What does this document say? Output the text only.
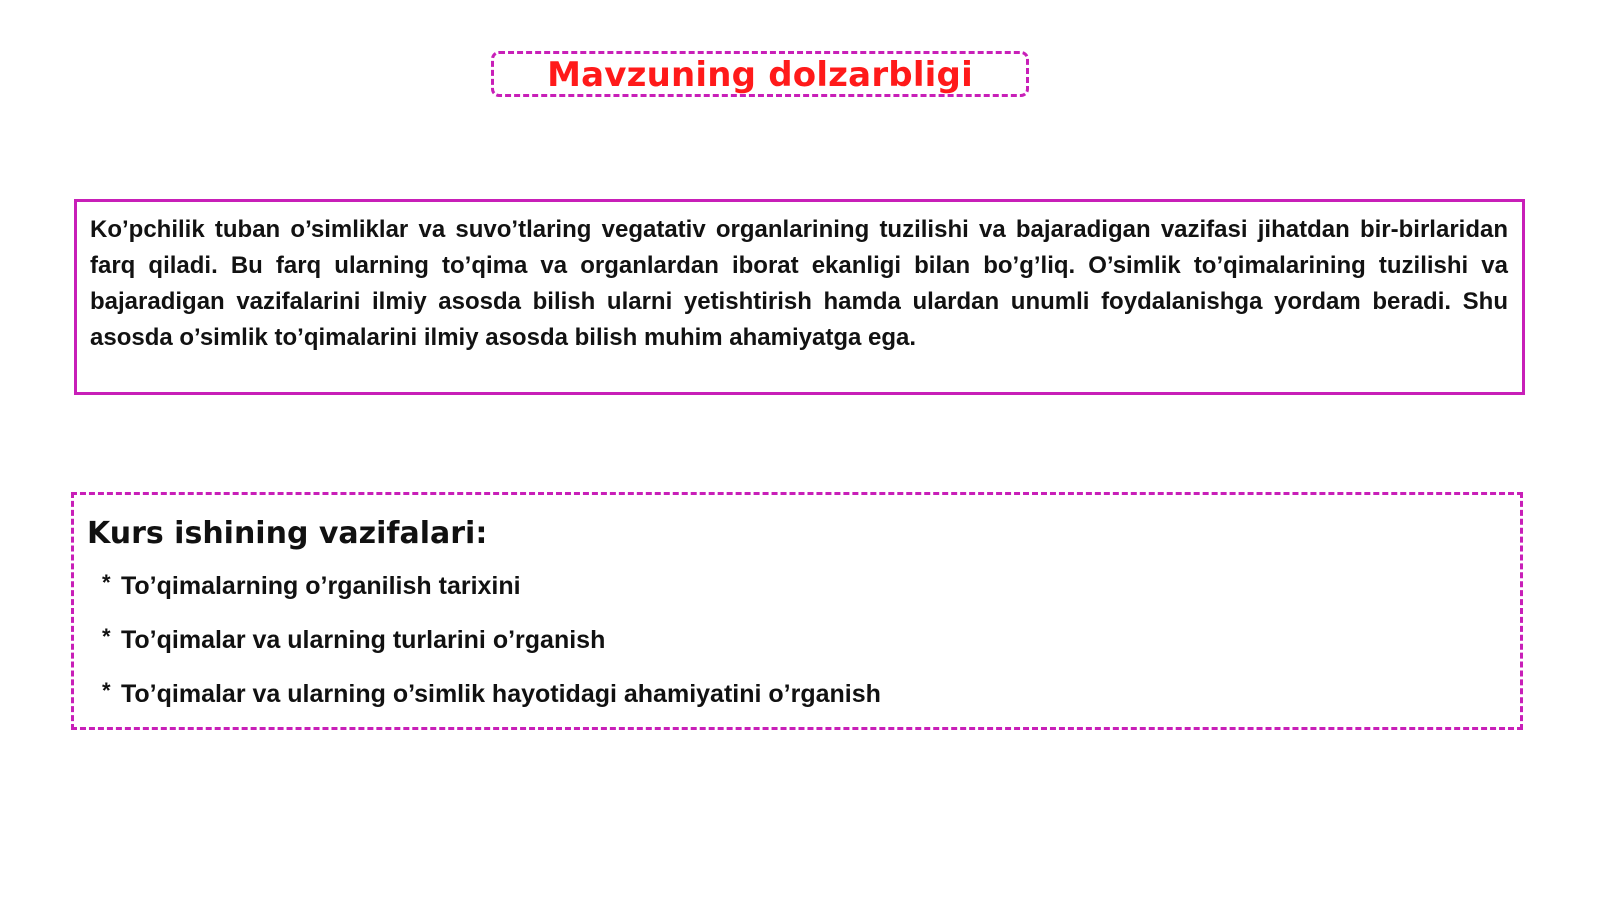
Mavzuning dolzarbligi

Ko’pchilik tuban o’simliklar va suvo’tlaring vegatativ organlarining tuzilishi va bajaradigan vazifasi jihatdan bir-birlaridan farq qiladi. Bu farq ularning to’qima va organlardan iborat ekanligi bilan bo’g’liq. O’simlik to’qimalarining tuzilishi va bajaradigan vazifalarini ilmiy asosda bilish ularni yetishtirish hamda ulardan unumli foydalanishga yordam beradi. Shu asosda o’simlik to’qimalarini ilmiy asosda bilish muhim ahamiyatga ega.

Kurs ishining vazifalari:
* To’qimalarning o’rganilish tarixini
* To’qimalar va ularning turlarini o’rganish
* To’qimalar va ularning o’simlik hayotidagi ahamiyatini o’rganish
